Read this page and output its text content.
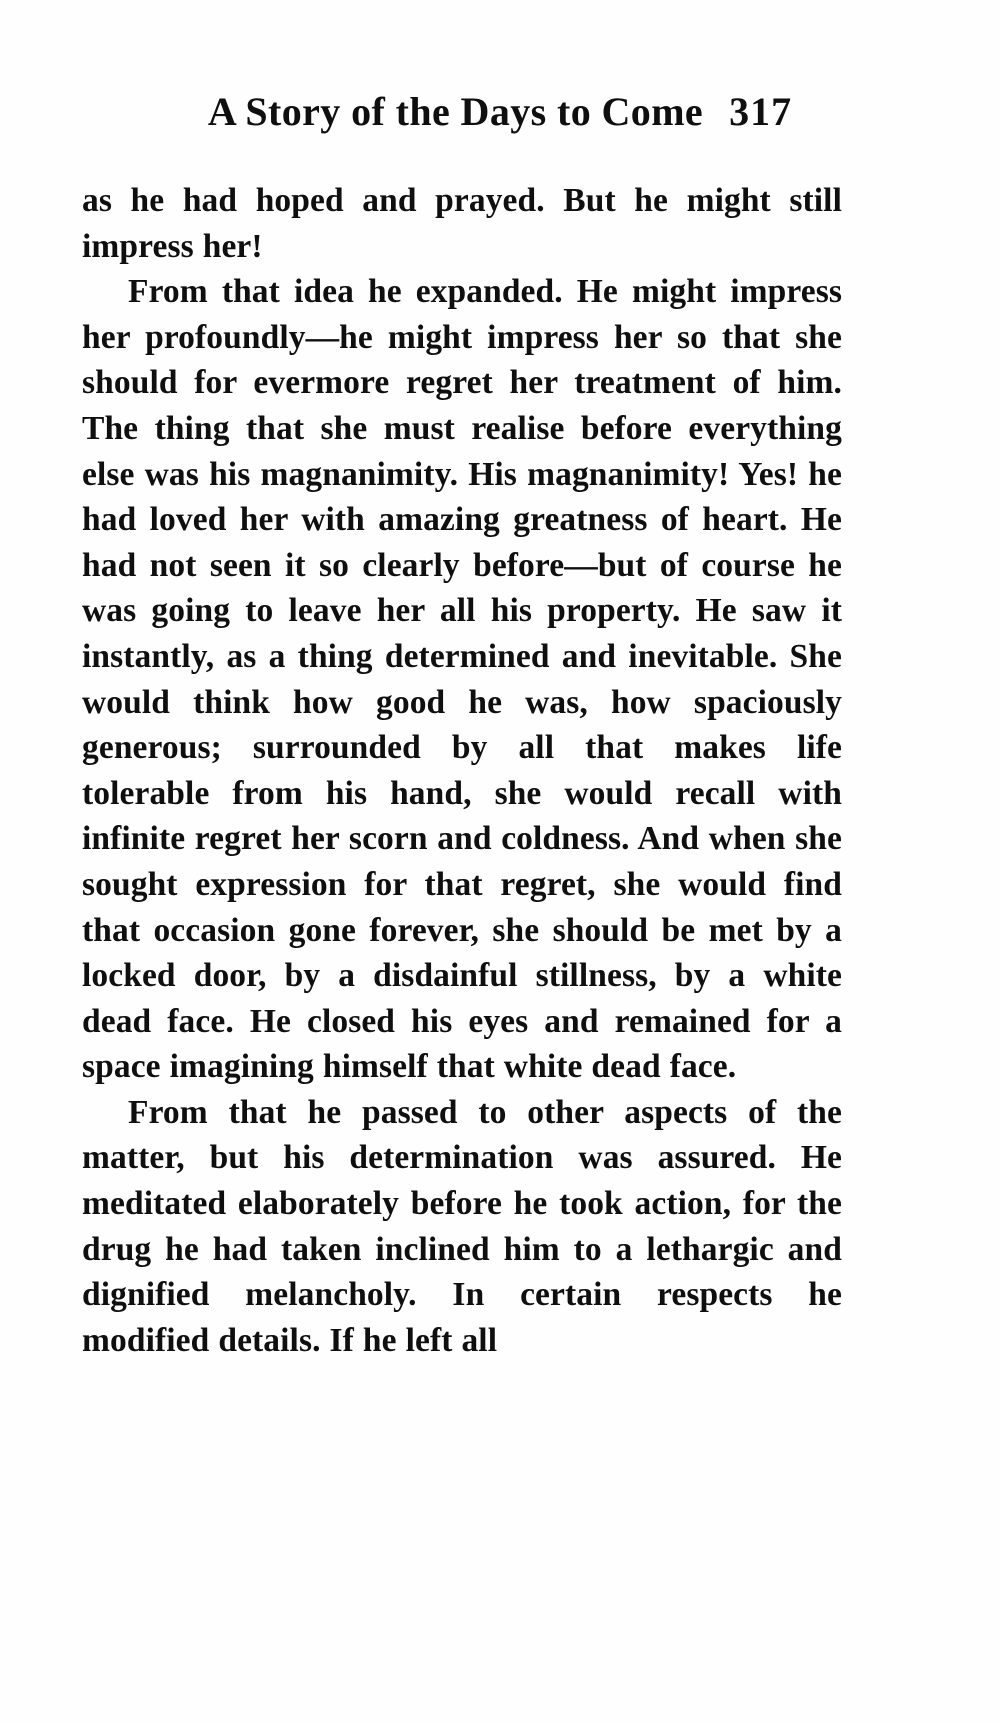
A Story of the Days to Come 317

as he had hoped and prayed. But he might still impress her!

From that idea he expanded. He might impress her profoundly—he might impress her so that she should for evermore regret her treatment of him. The thing that she must realise before everything else was his magnanimity. His magnanimity! Yes! he had loved her with amazing greatness of heart. He had not seen it so clearly before—but of course he was going to leave her all his property. He saw it instantly, as a thing determined and inevitable. She would think how good he was, how spaciously generous; surrounded by all that makes life tolerable from his hand, she would recall with infinite regret her scorn and coldness. And when she sought expression for that regret, she would find that occasion gone forever, she should be met by a locked door, by a disdainful stillness, by a white dead face. He closed his eyes and remained for a space imagining himself that white dead face.

From that he passed to other aspects of the matter, but his determination was assured. He meditated elaborately before he took action, for the drug he had taken inclined him to a lethargic and dignified melancholy. In certain respects he modified details. If he left all
